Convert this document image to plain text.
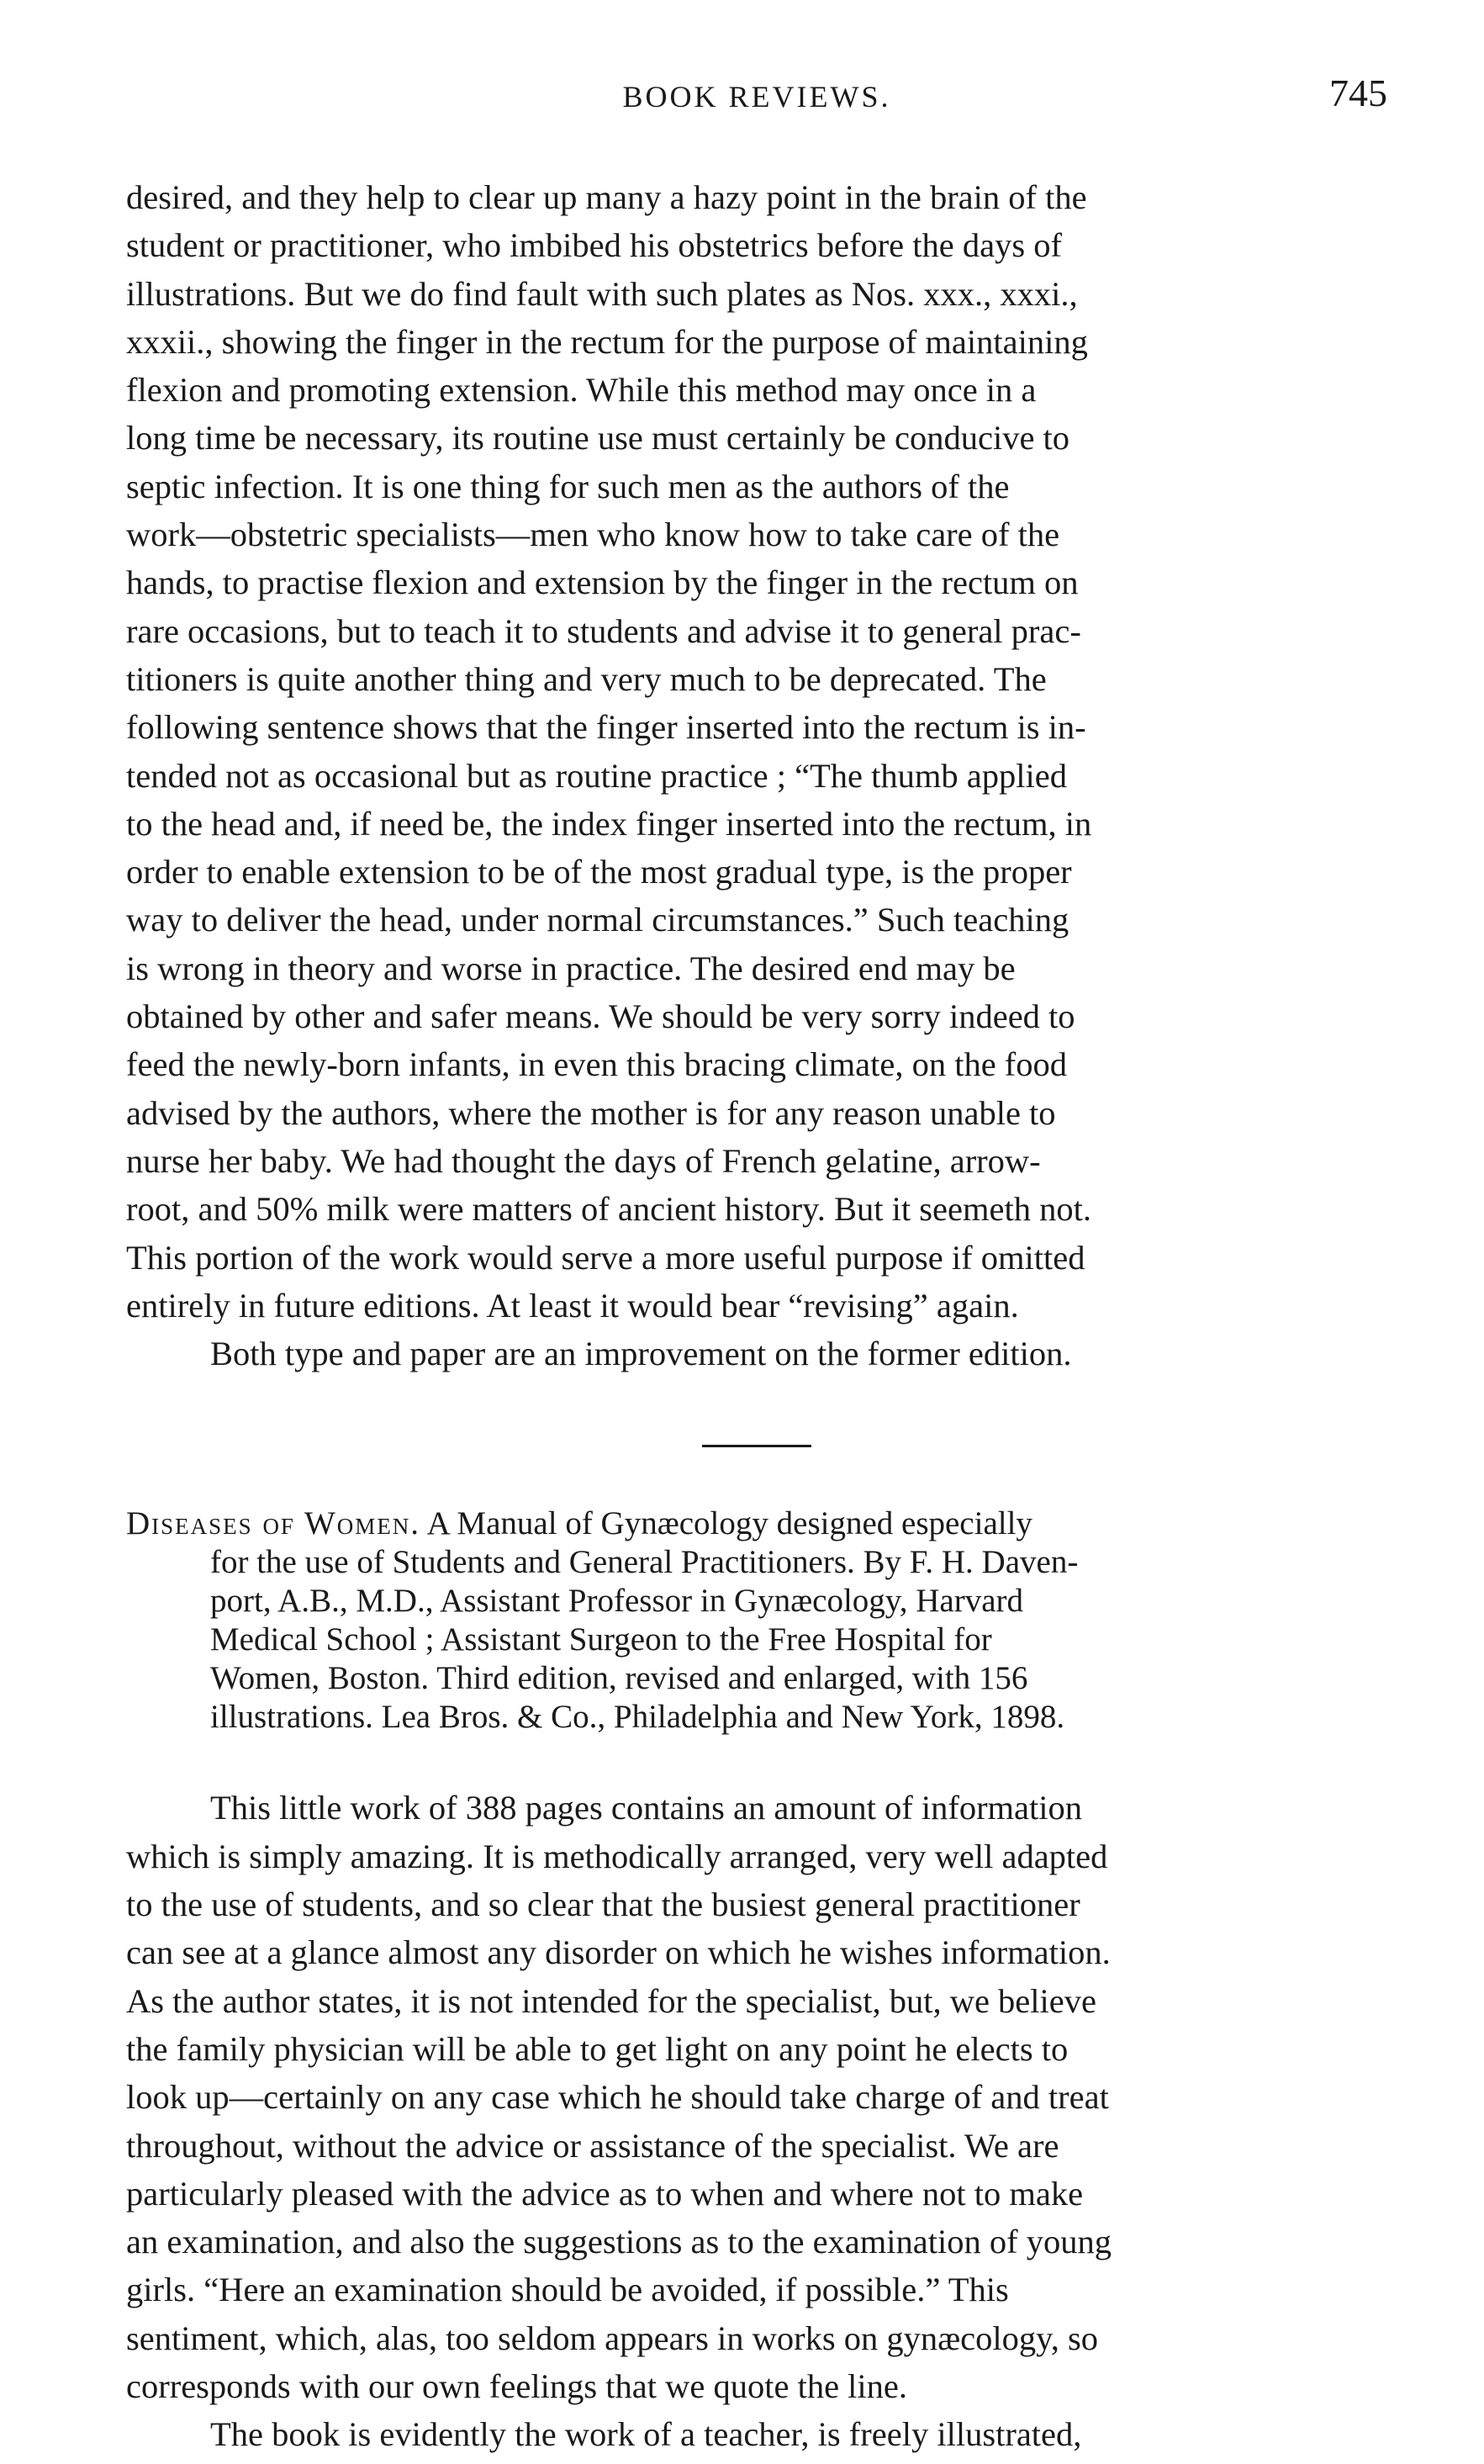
BOOK REVIEWS.	745
desired, and they help to clear up many a hazy point in the brain of the
student or practitioner, who imbibed his obstetrics before the days of
illustrations. But we do find fault with such plates as Nos. xxx., xxxi.,
xxxii., showing the finger in the rectum for the purpose of maintaining
flexion and promoting extension. While this method may once in a
long time be necessary, its routine use must certainly be conducive to
septic infection. It is one thing for such men as the authors of the
work—obstetric specialists—men who know how to take care of the
hands, to practise flexion and extension by the finger in the rectum on
rare occasions, but to teach it to students and advise it to general prac-
titioners is quite another thing and very much to be deprecated. The
following sentence shows that the finger inserted into the rectum is in-
tended not as occasional but as routine practice ; “The thumb applied
to the head and, if need be, the index finger inserted into the rectum, in
order to enable extension to be of the most gradual type, is the proper
way to deliver the head, under normal circumstances.” Such teaching
is wrong in theory and worse in practice. The desired end may be
obtained by other and safer means. We should be very sorry indeed to
feed the newly-born infants, in even this bracing climate, on the food
advised by the authors, where the mother is for any reason unable to
nurse her baby. We had thought the days of French gelatine, arrow-
root, and 50% milk were matters of ancient history. But it seemeth not.
This portion of the work would serve a more useful purpose if omitted
entirely in future editions. At least it would bear “revising” again.
Both type and paper are an improvement on the former edition.
Diseases of Women. A Manual of Gynæcology designed especially
for the use of Students and General Practitioners. By F. H. Daven-
port, A.B., M.D., Assistant Professor in Gynæcology, Harvard
Medical School ; Assistant Surgeon to the Free Hospital for
Women, Boston. Third edition, revised and enlarged, with 156
illustrations. Lea Bros. & Co., Philadelphia and New York, 1898.
This little work of 388 pages contains an amount of information
which is simply amazing. It is methodically arranged, very well adapted
to the use of students, and so clear that the busiest general practitioner
can see at a glance almost any disorder on which he wishes information.
As the author states, it is not intended for the specialist, but, we believe
the family physician will be able to get light on any point he elects to
look up—certainly on any case which he should take charge of and treat
throughout, without the advice or assistance of the specialist. We are
particularly pleased with the advice as to when and where not to make
an examination, and also the suggestions as to the examination of young
girls. “Here an examination should be avoided, if possible.” This
sentiment, which, alas, too seldom appears in works on gynæcology, so
corresponds with our own feelings that we quote the line.
The book is evidently the work of a teacher, is freely illustrated,
